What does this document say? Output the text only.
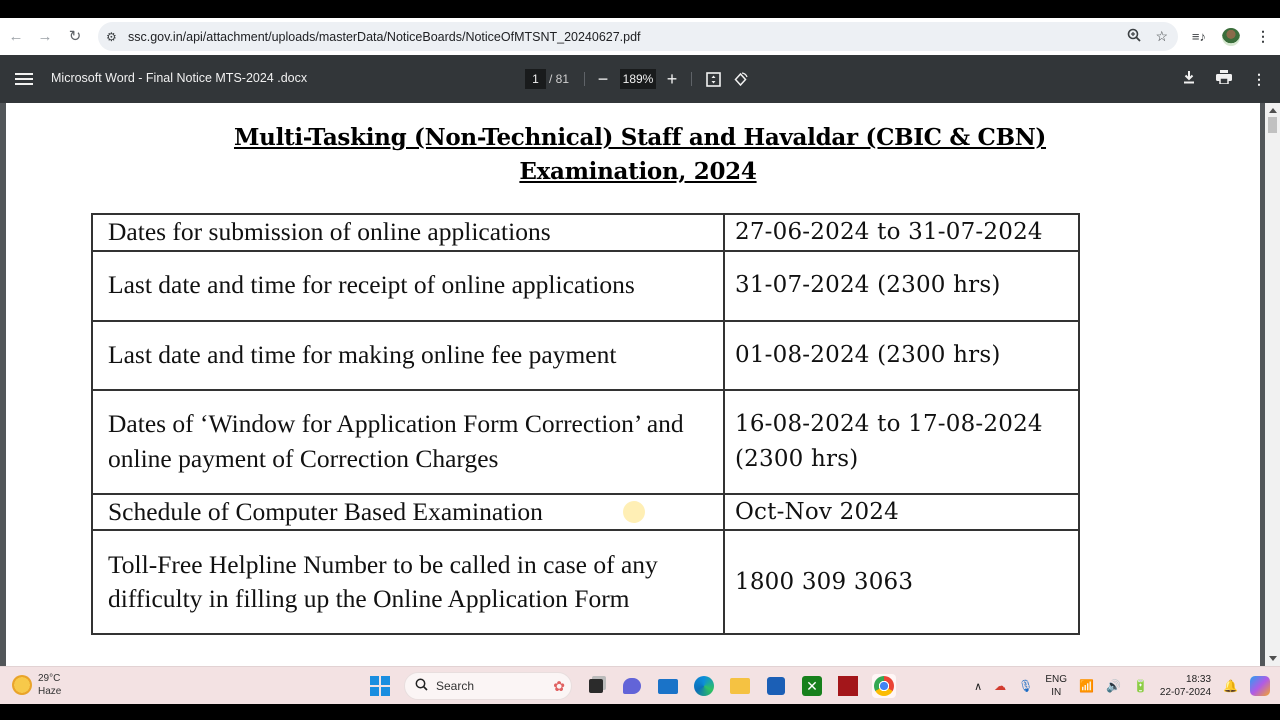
← →	↻	⚙ ssc.gov.in/api/attachment/uploads/masterData/NoticeBoards/NoticeOfMTSNT_20240627.pdf	☆ ≡♪	⋮
Microsoft Word - Final Notice MTS-2024 .docx	1 / 81 − 189% +	⋮
Multi-Tasking (Non-Technical) Staff and Havaldar (CBIC & CBN)
Examination, 2024
Dates for submission of online applications	27-06-2024 to 31-07-2024
Last date and time for receipt of online applications	31-07-2024 (2300 hrs)
Last date and time for making online fee payment	01-08-2024 (2300 hrs)
Dates of ‘Window for Application Form Correction’ and online payment of Correction Charges	16-08-2024 to 17-08-2024 (2300 hrs)
Schedule of Computer Based Examination	Oct-Nov 2024
Toll-Free Helpline Number to be called in case of any difficulty in filling up the Online Application Form	1800 309 3063
29°C
Haze	Search	✿	✕	∧ ☁ 🎙 ENG
IN	📶 🔊 🔋	18:33
22-07-2024 🔔
